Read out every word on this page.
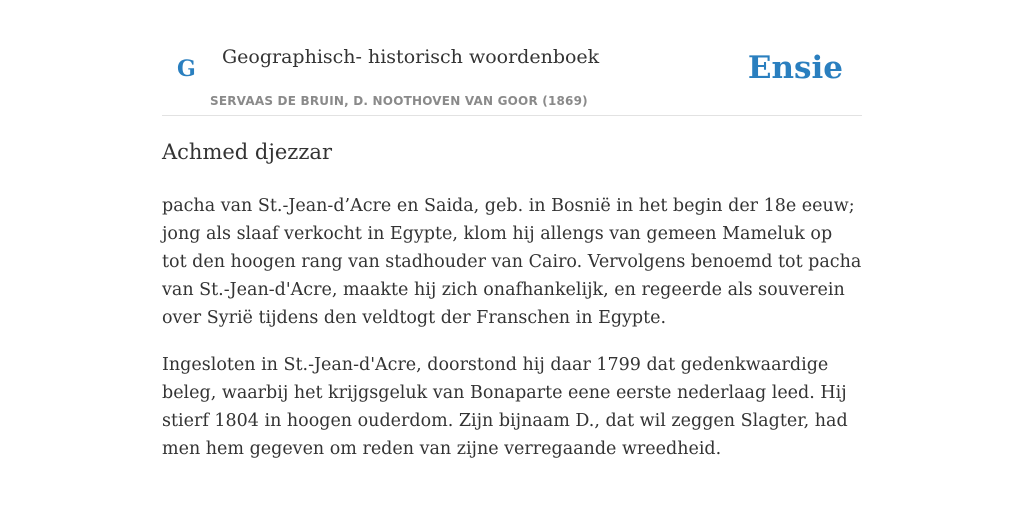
G Geographisch- historisch woordenboek
SERVAAS DE BRUIN, D. NOOTHOVEN VAN GOOR (1869)
Ensie
Achmed djezzar

pacha van St.-Jean-d’Acre en Saida, geb. in Bosnië in het begin der 18e eeuw; jong als slaaf verkocht in Egypte, klom hij allengs van gemeen Mameluk op tot den hoogen rang van stadhouder van Cairo. Vervolgens benoemd tot pacha van St.-Jean-d'Acre, maakte hij zich onafhankelijk, en regeerde als souverein over Syrië tijdens den veldtogt der Franschen in Egypte.

Ingesloten in St.-Jean-d'Acre, doorstond hij daar 1799 dat gedenkwaardige beleg, waarbij het krijgsgeluk van Bonaparte eene eerste nederlaag leed. Hij stierf 1804 in hoogen ouderdom. Zijn bijnaam D., dat wil zeggen Slagter, had men hem gegeven om reden van zijne verregaande wreedheid.
